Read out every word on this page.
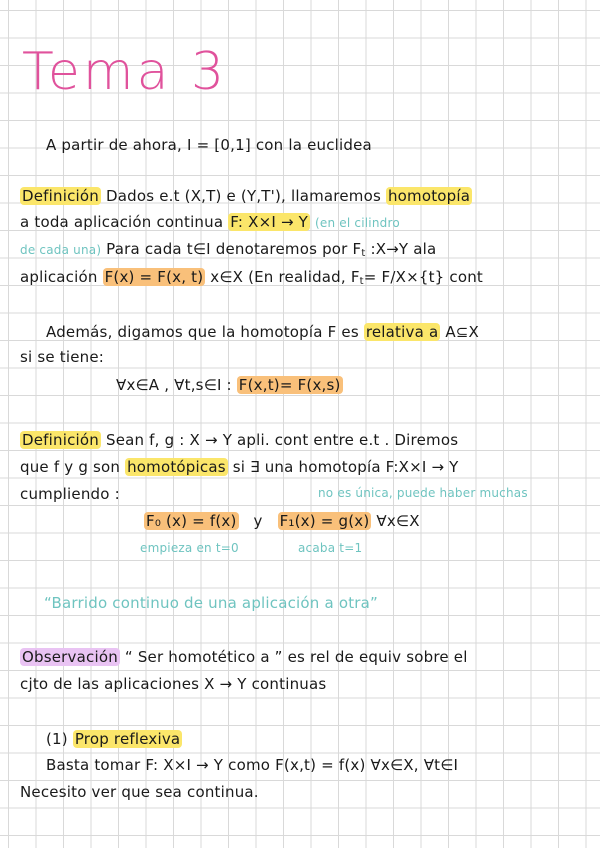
Tema 3
A partir de ahora, I = [0,1] con la euclidea
Definición Dados e.t (X,T) e (Y,T'), llamaremos homotopía
a toda aplicación continua F: X×I → Y (en el cilindro
de cada una) Para cada t∈I denotaremos por $F_t$ :X→Y ala
aplicación F(x) = F(x, t) x∈X (En realidad, $F_t= F/X\times\{t\}$ cont
Además, digamos que la homotopía F es relativa a A⊆X
si se tiene:
∀x∈A , ∀t,s∈I : F(x,t)= F(x,s)
Definición Sean f, g : X → Y apli. cont entre e.t . Diremos
que f y g son homotópicas si ∃ una homotopía F:X×I → Y
cumpliendo :	no es única, puede haber muchas
F₀ (x) = f(x) y F₁(x) = g(x) ∀x∈X
empieza en t=0	acaba t=1
“Barrido continuo de una aplicación a otra”
Observación “ Ser homotético a ” es rel de equiv sobre el
cjto de las aplicaciones X → Y continuas
(1) Prop reflexiva
Basta tomar F: X×I → Y como F(x,t) = f(x) ∀x∈X, ∀t∈I
Necesito ver que sea continua.
